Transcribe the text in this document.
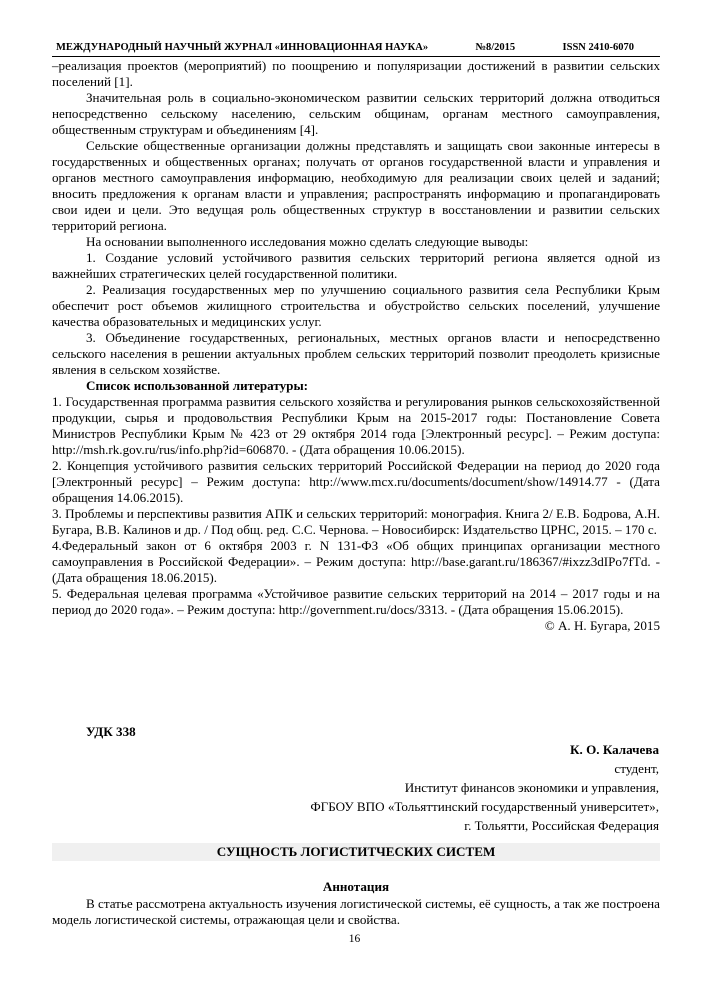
МЕЖДУНАРОДНЫЙ НАУЧНЫЙ ЖУРНАЛ «ИННОВАЦИОННАЯ НАУКА»	№8/2015	ISSN 2410-6070

–реализация проектов (мероприятий) по поощрению и популяризации достижений в развитии сельских поселений [1].

Значительная роль в социально-экономическом развитии сельских территорий должна отводиться непосредственно сельскому населению, сельским общинам, органам местного самоуправления, общественным структурам и объединениям [4].

Сельские общественные организации должны представлять и защищать свои законные интересы в государственных и общественных органах; получать от органов государственной власти и управления и органов местного самоуправления информацию, необходимую для реализации своих целей и заданий; вносить предложения к органам власти и управления; распространять информацию и пропагандировать свои идеи и цели. Это ведущая роль общественных структур в восстановлении и развитии сельских территорий региона.

На основании выполненного исследования можно сделать следующие выводы:

1. Создание условий устойчивого развития сельских территорий региона является одной из важнейших стратегических целей государственной политики.

2. Реализация государственных мер по улучшению социального развития села Республики Крым обеспечит рост объемов жилищного строительства и обустройство сельских поселений, улучшение качества образовательных и медицинских услуг.

3. Объединение государственных, региональных, местных органов власти и непосредственно сельского населения в решении актуальных проблем сельских территорий позволит преодолеть кризисные явления в сельском хозяйстве.

Список использованной литературы:

1. Государственная программа развития сельского хозяйства и регулирования рынков сельскохозяйственной продукции, сырья и продовольствия Республики Крым на 2015-2017 годы: Постановление Совета Министров Республики Крым № 423 от 29 октября 2014 года [Электронный ресурс]. – Режим доступа: http://msh.rk.gov.ru/rus/info.php?id=606870. - (Дата обращения 10.06.2015).

2. Концепция устойчивого развития сельских территорий Российской Федерации на период до 2020 года [Электронный ресурс] – Режим доступа: http://www.mcx.ru/documents/document/show/14914.77 - (Дата обращения 14.06.2015).

3. Проблемы и перспективы развития АПК и сельских территорий: монография. Книга 2/ Е.В. Бодрова, А.Н. Бугара, В.В. Калинов и др. / Под общ. ред. С.С. Чернова. – Новосибирск: Издательство ЦРНС, 2015. – 170 с.

4.Федеральный закон от 6 октября 2003 г. N 131-ФЗ «Об общих принципах организации местного самоуправления в Российской Федерации». – Режим доступа: http://base.garant.ru/186367/#ixzz3dIPo7fTd. - (Дата обращения 18.06.2015).

5. Федеральная целевая программа «Устойчивое развитие сельских территорий на 2014 – 2017 годы и на период до 2020 года». – Режим доступа: http://government.ru/docs/3313. - (Дата обращения 15.06.2015).

© А. Н. Бугара, 2015

УДК 338
К. О. Калачева
студент,
Институт финансов экономики и управления,
ФГБОУ ВПО «Тольяттинский государственный университет»,
г. Тольятти, Российская Федерация
СУЩНОСТЬ ЛОГИСТИТЧЕСКИХ СИСТЕМ
Аннотация

В статье рассмотрена актуальность изучения логистической системы, её сущность, а так же построена модель логистической системы, отражающая цели и свойства.

16
